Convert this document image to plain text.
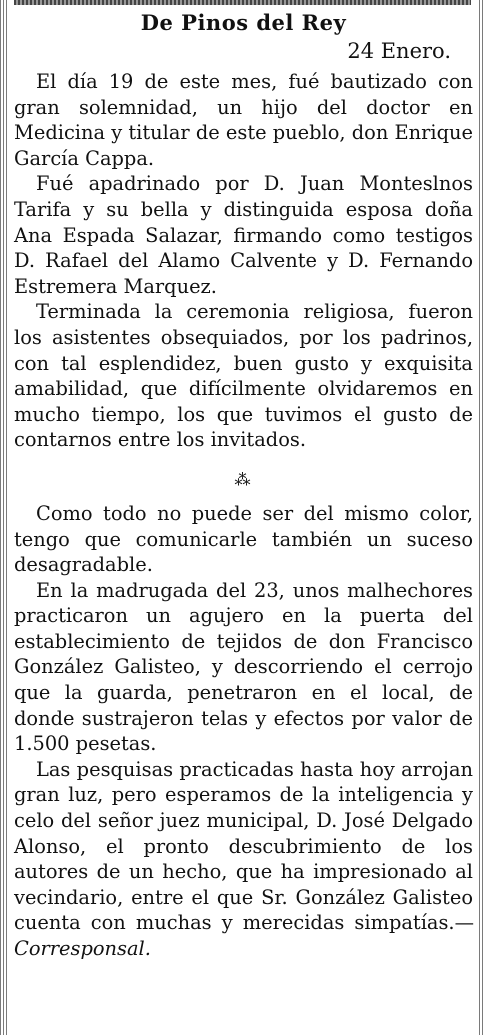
De Pinos del Rey
24 Enero.

El día 19 de este mes, fué bautizado con gran solemnidad, un hijo del doctor en Medicina y titular de este pueblo, don Enrique García Cappa.

Fué apadrinado por D. Juan Monteslnos Tarifa y su bella y distinguida esposa doña Ana Espada Salazar, firmando como testigos D. Rafael del Alamo Calvente y D. Fernando Estremera Marquez.

Terminada la ceremonia religiosa, fueron los asistentes obsequiados, por los padrinos, con tal esplendidez, buen gusto y exquisita amabilidad, que difícilmente olvidaremos en mucho tiempo, los que tuvimos el gusto de contarnos entre los invitados.

⁂

Como todo no puede ser del mismo color, tengo que comunicarle también un suceso desagradable.

En la madrugada del 23, unos malhechores practicaron un agujero en la puerta del establecimiento de tejidos de don Francisco González Galisteo, y descorriendo el cerrojo que la guarda, penetraron en el local, de donde sustrajeron telas y efectos por valor de 1.500 pesetas.

Las pesquisas practicadas hasta hoy arrojan gran luz, pero esperamos de la inteligencia y celo del señor juez municipal, D. José Delgado Alonso, el pronto descubrimiento de los autores de un hecho, que ha impresionado al vecindario, entre el que Sr. González Galisteo cuenta con muchas y merecidas simpatías.— Corresponsal.
